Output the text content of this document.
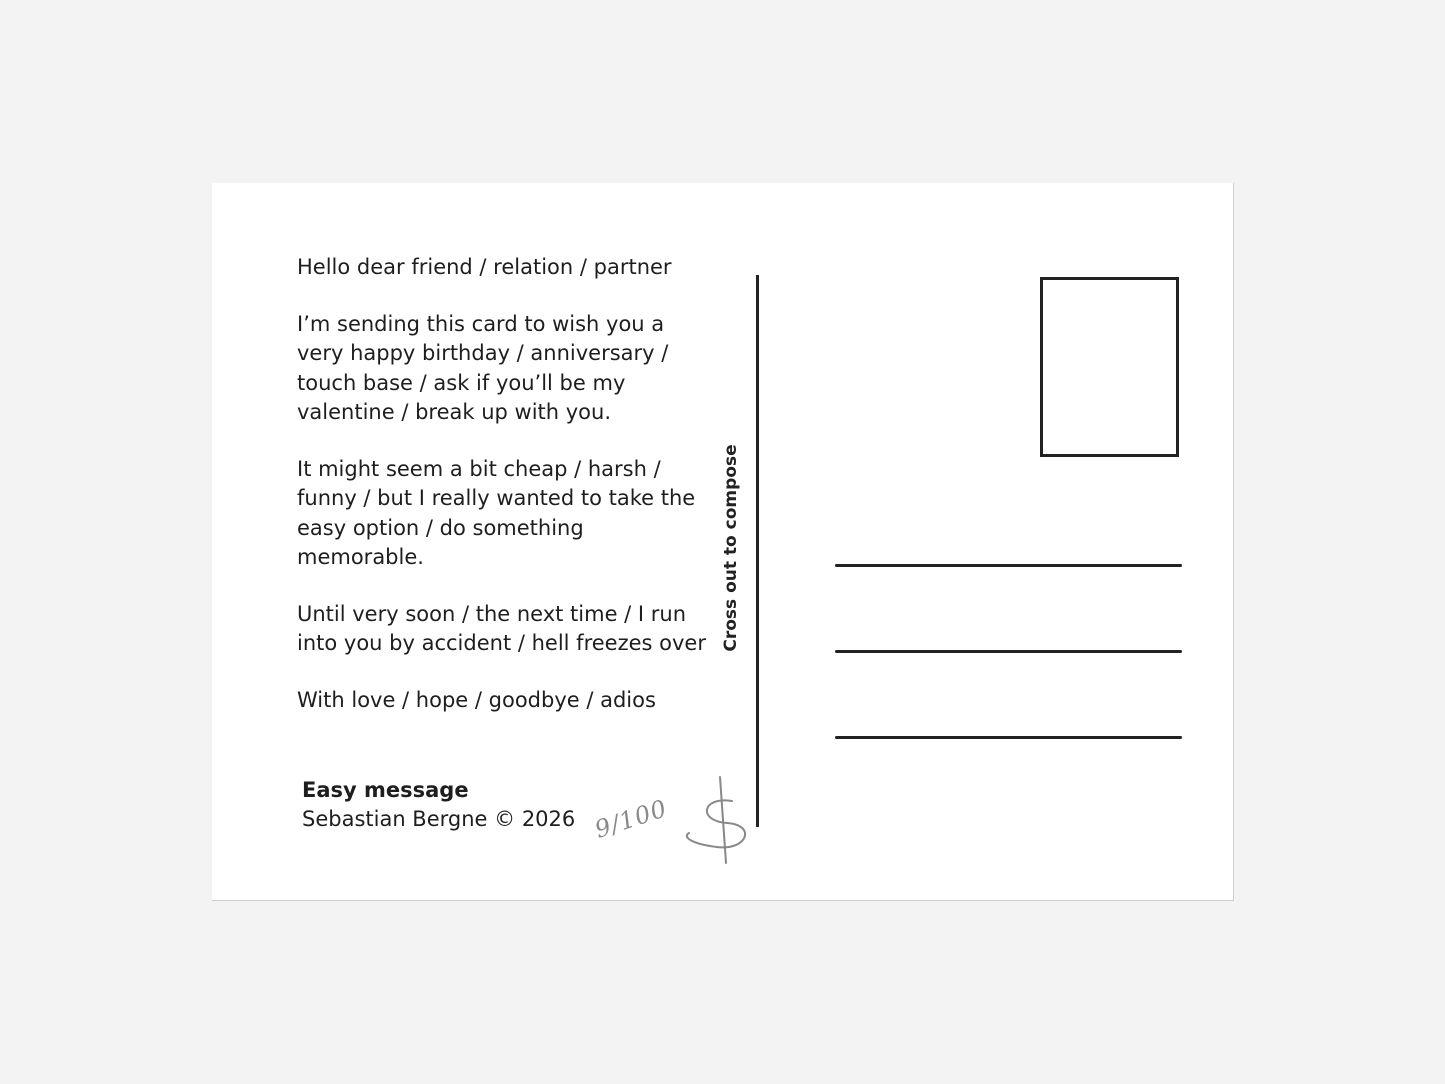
Hello dear friend / relation / partner

I’m sending this card to wish you a very happy birthday / anniversary / touch base / ask if you’ll be my valentine / break up with you.

It might seem a bit cheap / harsh / funny / but I really wanted to take the easy option / do something memorable.

Until very soon / the next time / I run into you by accident / hell freezes over

With love / hope / goodbye / adios

Easy message
Sebastian Bergne © 2026 9/100
Cross out to compose
